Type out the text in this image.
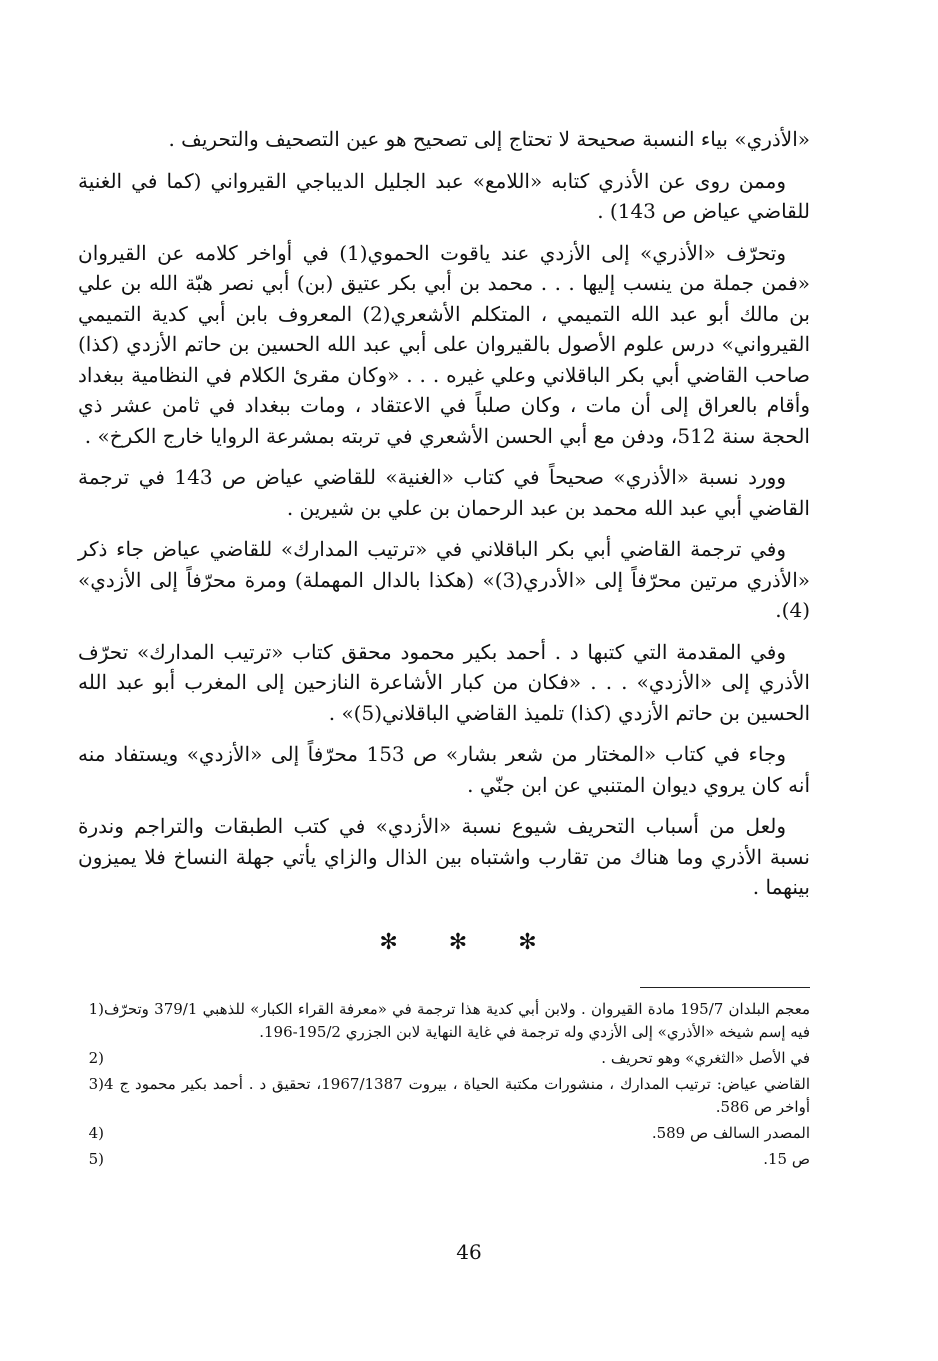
«الأذري» بياء النسبة صحيحة لا تحتاج إلى تصحيح هو عين التصحيف والتحريف .

وممن روى عن الأذري كتابه «اللامع» عبد الجليل الديباجي القيرواني (كما في الغنية للقاضي عياض ص 143) .

وتحرّف «الأذري» إلى الأزدي عند ياقوت الحموي(1) في أواخر كلامه عن القيروان «فمن جملة من ينسب إليها . . . محمد بن أبي بكر عتيق (بن) أبي نصر هبّة الله بن علي بن مالك أبو عبد الله التميمي ، المتكلم الأشعري(2) المعروف بابن أبي كدية التميمي القيرواني» درس علوم الأصول بالقيروان على أبي عبد الله الحسين بن حاتم الأزدي (كذا) صاحب القاضي أبي بكر الباقلاني وعلي غيره . . . «وكان مقرئ الكلام في النظامية ببغداد وأقام بالعراق إلى أن مات ، وكان صلباً في الاعتقاد ، ومات ببغداد في ثامن عشر ذي الحجة سنة 512، ودفن مع أبي الحسن الأشعري في تربته بمشرعة الروايا خارج الكرخ» .

وورد نسبة «الأذري» صحيحاً في كتاب «الغنية» للقاضي عياض ص 143 في ترجمة القاضي أبي عبد الله محمد بن عبد الرحمان بن علي بن شيرين .

وفي ترجمة القاضي أبي بكر الباقلاني في «ترتيب المدارك» للقاضي عياض جاء ذكر «الأذري مرتين محرّفاً إلى «الأدري(3)» (هكذا بالدال المهملة) ومرة محرّفاً إلى الأزدي» (4).

وفي المقدمة التي كتبها د . أحمد بكير محمود محقق كتاب «ترتيب المدارك» تحرّف الأذري إلى «الأزدي» . . . «فكان من كبار الأشاعرة النازحين إلى المغرب أبو عبد الله الحسين بن حاتم الأزدي (كذا) تلميذ القاضي الباقلاني(5)» .

وجاء في كتاب «المختار من شعر بشار» ص 153 محرّفاً إلى «الأزدي» ويستفاد منه أنه كان يروي ديوان المتنبي عن ابن جنّي .

ولعل من أسباب التحريف شيوع نسبة «الأزدي» في كتب الطبقات والتراجم وندرة نسبة الأذري وما هناك من تقارب واشتباه بين الذال والزاي يأتي جهلة النساخ فلا يميزون بينهما .

✻ ✻ ✻
معجم البلدان 195/7 مادة القيروان . ولابن أبي كدية هذا ترجمة في «معرفة القراء الكبار» للذهبي 379/1 وتحرّف فيه إسم شيخه «الأذري» إلى الأزدي وله ترجمة في غاية النهاية لابن الجزري 195/2-196.
1)
في الأصل «الثغري» وهو تحريف .
2)
القاضي عياض: ترتيب المدارك ، منشورات مكتبة الحياة ، بيروت 1967/1387، تحقيق د . أحمد بكير محمود ج 4 أواخر ص 586.
3)
المصدر السالف ص 589.
4)
ص 15.
5)
46
